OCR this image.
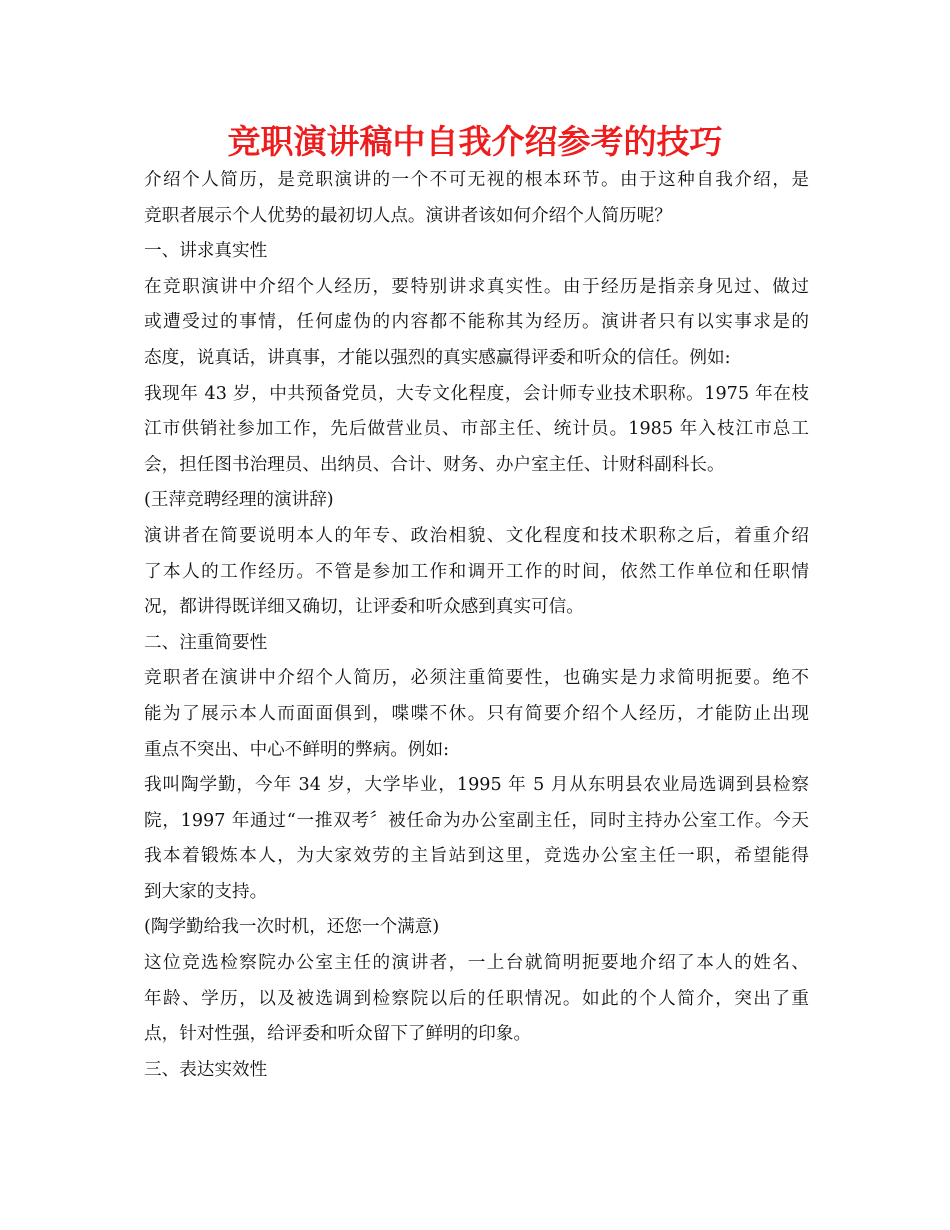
竞职演讲稿中自我介绍参考的技巧
介绍个人简历，是竞职演讲的一个不可无视的根本环节。由于这种自我介绍，是
竞职者展示个人优势的最初切人点。演讲者该如何介绍个人简历呢？
一、讲求真实性
在竞职演讲中介绍个人经历，要特别讲求真实性。由于经历是指亲身见过、做过
或遭受过的事情，任何虚伪的内容都不能称其为经历。演讲者只有以实事求是的
态度，说真话，讲真事，才能以强烈的真实感赢得评委和听众的信任。例如:
我现年 43 岁，中共预备党员，大专文化程度，会计师专业技术职称。1975 年在枝
江市供销社参加工作，先后做营业员、市部主任、统计员。1985 年入枝江市总工
会，担任图书治理员、出纳员、合计、财务、办户室主任、计财科副科长。
(王萍竞聘经理的演讲辞)
演讲者在简要说明本人的年专、政治相貌、文化程度和技术职称之后，着重介绍
了本人的工作经历。不管是参加工作和调开工作的时间，依然工作单位和任职情
况，都讲得既详细又确切，让评委和听众感到真实可信。
二、注重简要性
竞职者在演讲中介绍个人简历，必须注重简要性，也确实是力求简明扼要。绝不
能为了展示本人而面面俱到，喋喋不休。只有简要介绍个人经历，才能防止出现
重点不突出、中心不鲜明的弊病。例如:
我叫陶学勤，今年 34 岁，大学毕业，1995 年 5 月从东明县农业局选调到县检察
院，1997 年通过“一推双考〞被任命为办公室副主任，同时主持办公室工作。今天
我本着锻炼本人，为大家效劳的主旨站到这里，竞选办公室主任一职，希望能得
到大家的支持。
(陶学勤给我一次时机，还您一个满意)
这位竞选检察院办公室主任的演讲者，一上台就简明扼要地介绍了本人的姓名、
年龄、学历，以及被选调到检察院以后的任职情况。如此的个人简介，突出了重
点，针对性强，给评委和听众留下了鲜明的印象。
三、表达实效性
